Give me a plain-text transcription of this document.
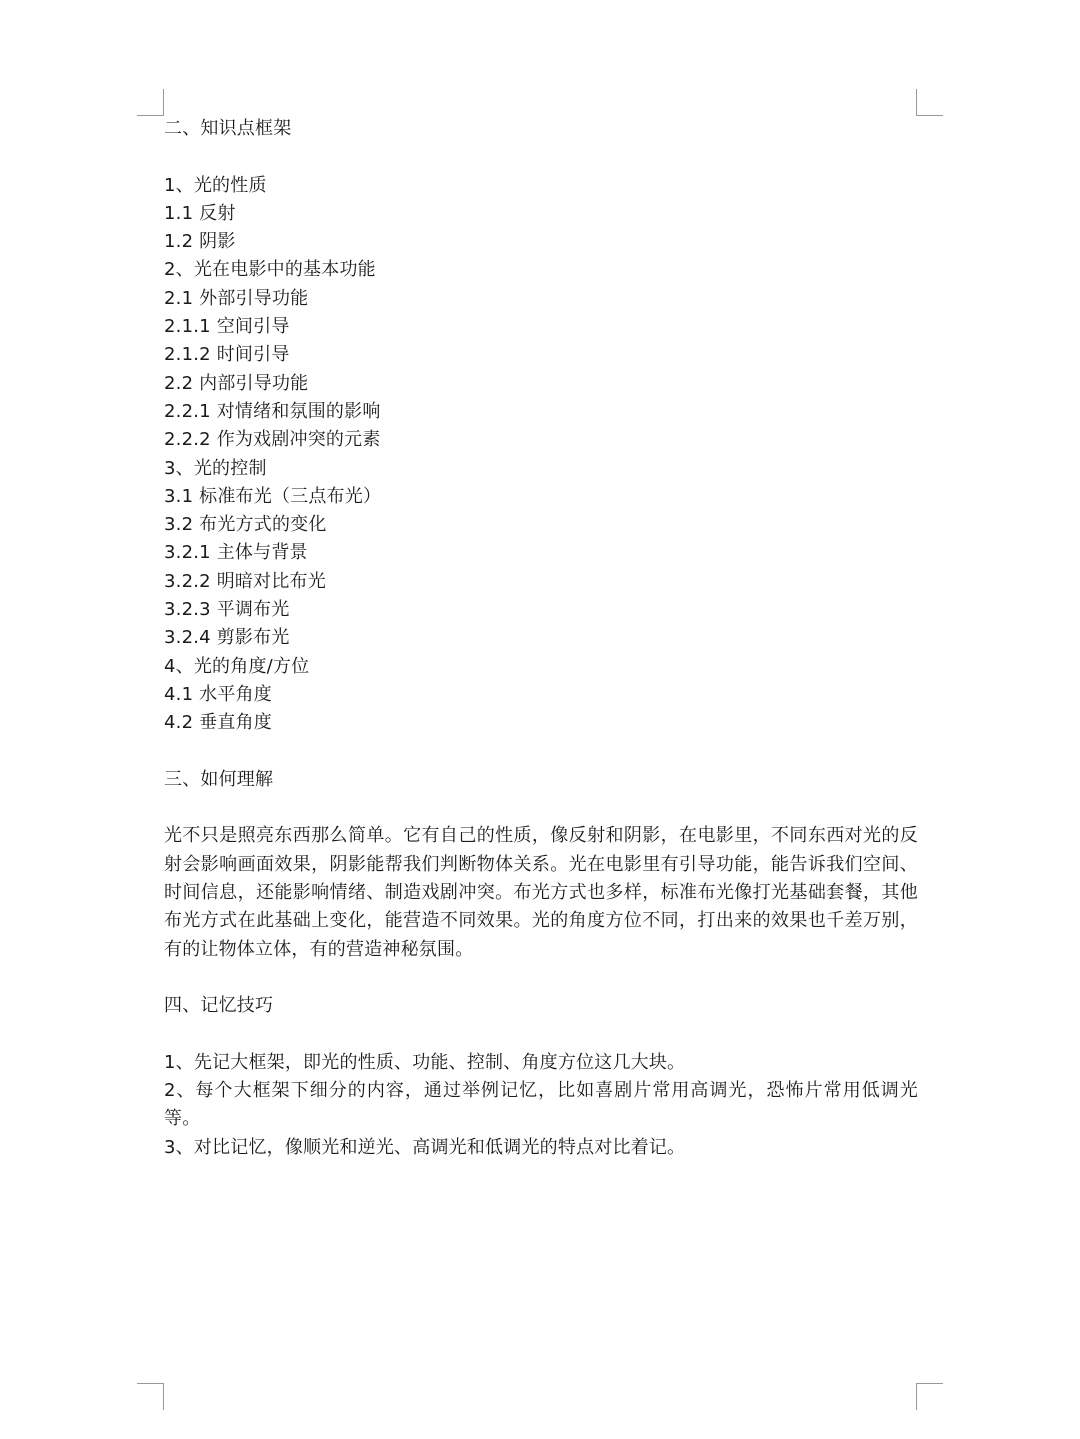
二、知识点框架

1、光的性质

1.1 反射

1.2 阴影

2、光在电影中的基本功能

2.1 外部引导功能

2.1.1 空间引导

2.1.2 时间引导

2.2 内部引导功能

2.2.1 对情绪和氛围的影响

2.2.2 作为戏剧冲突的元素

3、光的控制

3.1 标准布光（三点布光）

3.2 布光方式的变化

3.2.1 主体与背景

3.2.2 明暗对比布光

3.2.3 平调布光

3.2.4 剪影布光

4、光的角度/方位

4.1 水平角度

4.2 垂直角度

三、如何理解

光不只是照亮东西那么简单。它有自己的性质，像反射和阴影，在电影里，不同东西对光的反射会影响画面效果，阴影能帮我们判断物体关系。光在电影里有引导功能，能告诉我们空间、时间信息，还能影响情绪、制造戏剧冲突。布光方式也多样，标准布光像打光基础套餐，其他布光方式在此基础上变化，能营造不同效果。光的角度方位不同，打出来的效果也千差万别，有的让物体立体，有的营造神秘氛围。

四、记忆技巧

1、先记大框架，即光的性质、功能、控制、角度方位这几大块。

2、每个大框架下细分的内容，通过举例记忆，比如喜剧片常用高调光，恐怖片常用低调光等。

3、对比记忆，像顺光和逆光、高调光和低调光的特点对比着记。
